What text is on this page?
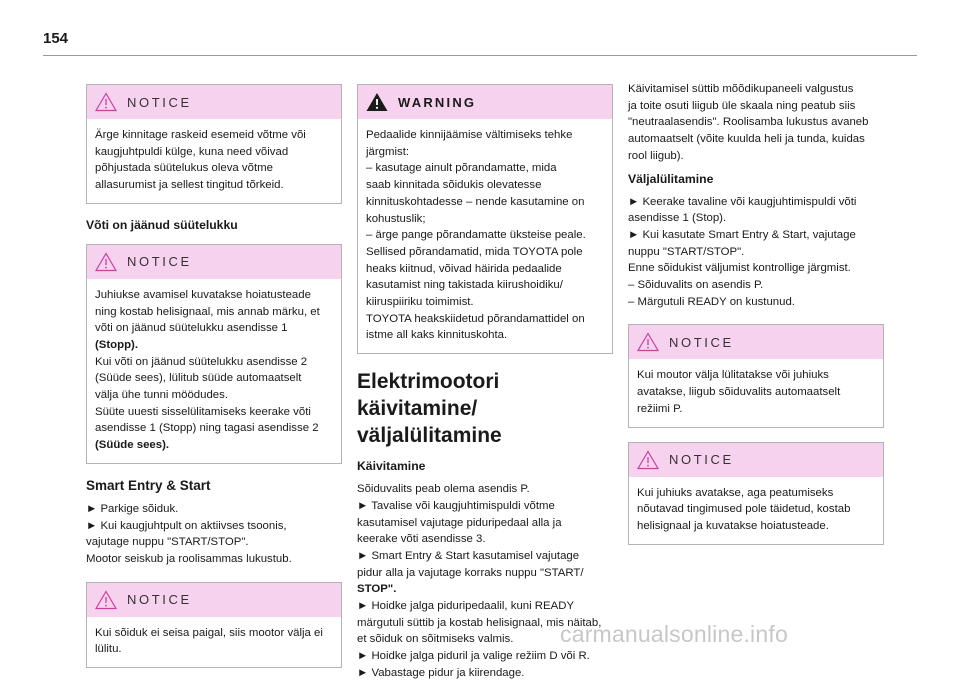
154
NOTICE

Ärge kinnitage raskeid esemeid võtme või

kaugjuhtpuldi külge, kuna need võivad

põhjustada süütelukus oleva võtme

allasurumist ja sellest tingitud tõrkeid.

Võti on jäänud süütelukku
NOTICE

Juhiukse avamisel kuvatakse hoiatusteade

ning kostab helisignaal, mis annab märku, et

võti on jäänud süütelukku asendisse 1

(Stopp).

Kui võti on jäänud süütelukku asendisse 2

(Süüde sees), lülitub süüde automaatselt

välja ühe tunni möödudes.

Süüte uuesti sisselülitamiseks keerake võti

asendisse 1 (Stopp) ning tagasi asendisse 2

(Süüde sees).

Smart Entry & Start

► Parkige sõiduk.

► Kui kaugjuhtpult on aktiivses tsoonis,

vajutage nuppu "START/STOP".

Mootor seiskub ja roolisammas lukustub.

NOTICE

Kui sõiduk ei seisa paigal, siis mootor välja ei

lülitu.

WARNING

Pedaalide kinnijäämise vältimiseks tehke

järgmist:

– kasutage ainult põrandamatte, mida

saab kinnitada sõidukis olevatesse

kinnituskohtadesse – nende kasutamine on

kohustuslik;

– ärge pange põrandamatte üksteise peale.

Sellised põrandamatid, mida TOYOTA pole

heaks kiitnud, võivad häirida pedaalide

kasutamist ning takistada kiirushoidiku/

kiiruspiiriku toimimist.

TOYOTA heakskiidetud põrandamattidel on

istme all kaks kinnituskohta.

Elektrimootori käivitamine/
väljalülitamine
Käivitamine

Sõiduvalits peab olema asendis P.

► Tavalise või kaugjuhtimispuldi võtme

kasutamisel vajutage piduripedaal alla ja

keerake võti asendisse 3.

► Smart Entry & Start kasutamisel vajutage

pidur alla ja vajutage korraks nuppu "START/

STOP".

► Hoidke jalga piduripedaalil, kuni READY

märgutuli süttib ja kostab helisignaal, mis näitab,

et sõiduk on sõitmiseks valmis.

► Hoidke jalga piduril ja valige režiim D või R.

► Vabastage pidur ja kiirendage.

Käivitamisel süttib mõõdikupaneeli valgustus

ja toite osuti liigub üle skaala ning peatub siis

"neutraalasendis". Roolisamba lukustus avaneb

automaatselt (võite kuulda heli ja tunda, kuidas

rool liigub).

Väljalülitamine

► Keerake tavaline või kaugjuhtimispuldi võti

asendisse 1 (Stop).

► Kui kasutate Smart Entry & Start, vajutage

nuppu "START/STOP".

Enne sõidukist väljumist kontrollige järgmist.

– Sõiduvalits on asendis P.

– Märgutuli READY on kustunud.

NOTICE

Kui moutor välja lülitatakse või juhiuks

avatakse, liigub sõiduvalits automaatselt

režiimi P.

NOTICE

Kui juhiuks avatakse, aga peatumiseks

nõutavad tingimused pole täidetud, kostab

helisignaal ja kuvatakse hoiatusteade.

carmanualsonline.info
